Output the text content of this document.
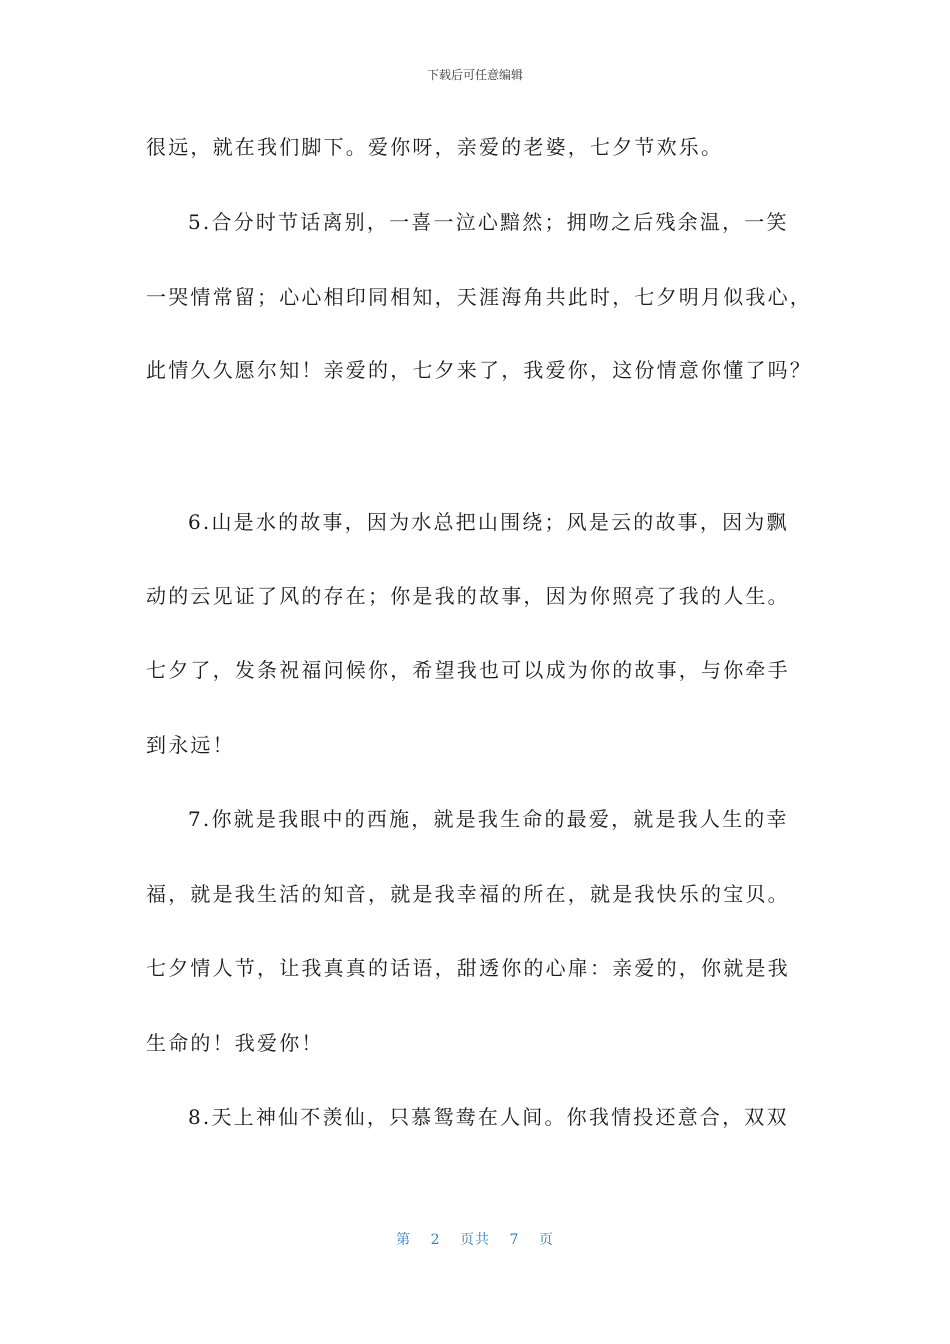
下载后可任意编辑
很远，就在我们脚下。爱你呀，亲爱的老婆，七夕节欢乐。
5.合分时节话离别，一喜一泣心黯然；拥吻之后残余温，一笑
一哭情常留；心心相印同相知，天涯海角共此时，七夕明月似我心，
此情久久愿尔知！亲爱的，七夕来了，我爱你，这份情意你懂了吗？
6.山是水的故事，因为水总把山围绕；风是云的故事，因为飘
动的云见证了风的存在；你是我的故事，因为你照亮了我的人生。
七夕了，发条祝福问候你，希望我也可以成为你的故事，与你牵手
到永远！
7.你就是我眼中的西施，就是我生命的最爱，就是我人生的幸
福，就是我生活的知音，就是我幸福的所在，就是我快乐的宝贝。
七夕情人节，让我真真的话语，甜透你的心扉：亲爱的，你就是我
生命的！我爱你！
8.天上神仙不羡仙，只慕鸳鸯在人间。你我情投还意合，双双
第 2 页共 7 页
